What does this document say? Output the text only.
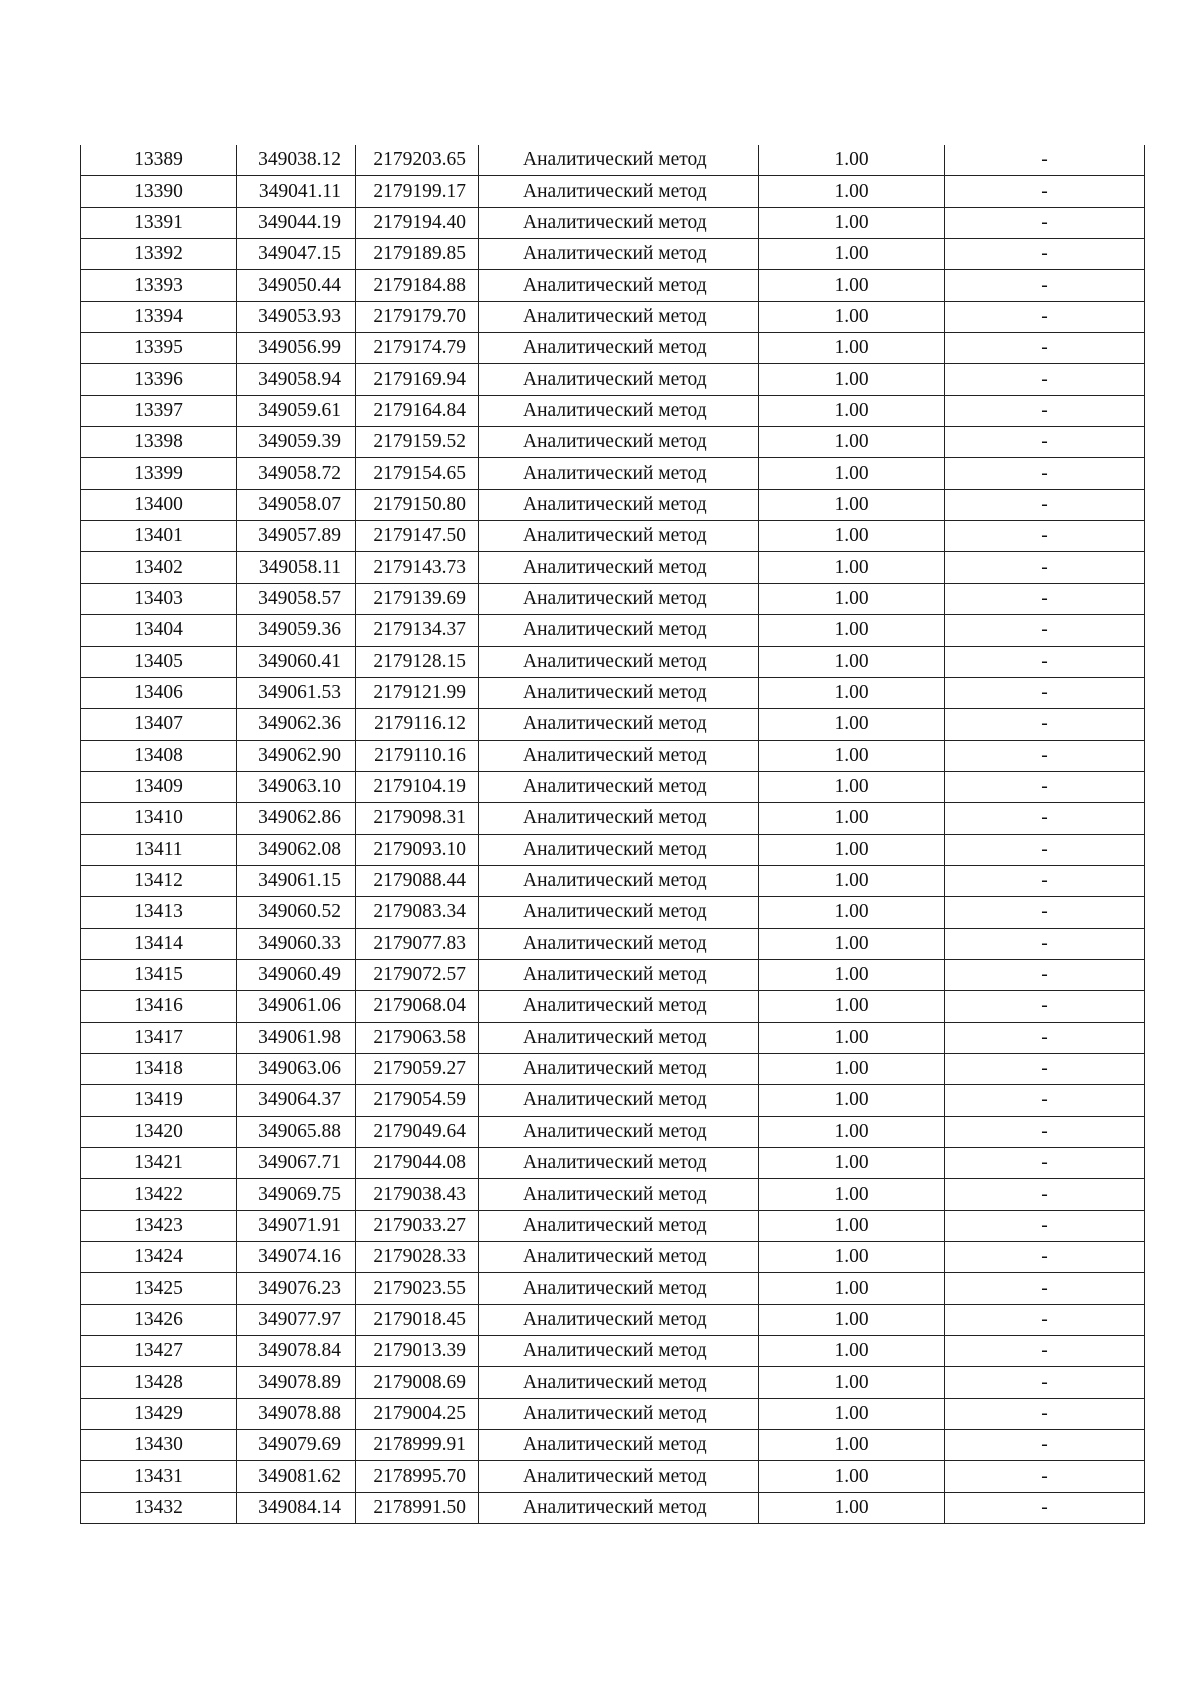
13389	349038.12	2179203.65	Аналитический метод	1.00	-
13390	349041.11	2179199.17	Аналитический метод	1.00	-
13391	349044.19	2179194.40	Аналитический метод	1.00	-
13392	349047.15	2179189.85	Аналитический метод	1.00	-
13393	349050.44	2179184.88	Аналитический метод	1.00	-
13394	349053.93	2179179.70	Аналитический метод	1.00	-
13395	349056.99	2179174.79	Аналитический метод	1.00	-
13396	349058.94	2179169.94	Аналитический метод	1.00	-
13397	349059.61	2179164.84	Аналитический метод	1.00	-
13398	349059.39	2179159.52	Аналитический метод	1.00	-
13399	349058.72	2179154.65	Аналитический метод	1.00	-
13400	349058.07	2179150.80	Аналитический метод	1.00	-
13401	349057.89	2179147.50	Аналитический метод	1.00	-
13402	349058.11	2179143.73	Аналитический метод	1.00	-
13403	349058.57	2179139.69	Аналитический метод	1.00	-
13404	349059.36	2179134.37	Аналитический метод	1.00	-
13405	349060.41	2179128.15	Аналитический метод	1.00	-
13406	349061.53	2179121.99	Аналитический метод	1.00	-
13407	349062.36	2179116.12	Аналитический метод	1.00	-
13408	349062.90	2179110.16	Аналитический метод	1.00	-
13409	349063.10	2179104.19	Аналитический метод	1.00	-
13410	349062.86	2179098.31	Аналитический метод	1.00	-
13411	349062.08	2179093.10	Аналитический метод	1.00	-
13412	349061.15	2179088.44	Аналитический метод	1.00	-
13413	349060.52	2179083.34	Аналитический метод	1.00	-
13414	349060.33	2179077.83	Аналитический метод	1.00	-
13415	349060.49	2179072.57	Аналитический метод	1.00	-
13416	349061.06	2179068.04	Аналитический метод	1.00	-
13417	349061.98	2179063.58	Аналитический метод	1.00	-
13418	349063.06	2179059.27	Аналитический метод	1.00	-
13419	349064.37	2179054.59	Аналитический метод	1.00	-
13420	349065.88	2179049.64	Аналитический метод	1.00	-
13421	349067.71	2179044.08	Аналитический метод	1.00	-
13422	349069.75	2179038.43	Аналитический метод	1.00	-
13423	349071.91	2179033.27	Аналитический метод	1.00	-
13424	349074.16	2179028.33	Аналитический метод	1.00	-
13425	349076.23	2179023.55	Аналитический метод	1.00	-
13426	349077.97	2179018.45	Аналитический метод	1.00	-
13427	349078.84	2179013.39	Аналитический метод	1.00	-
13428	349078.89	2179008.69	Аналитический метод	1.00	-
13429	349078.88	2179004.25	Аналитический метод	1.00	-
13430	349079.69	2178999.91	Аналитический метод	1.00	-
13431	349081.62	2178995.70	Аналитический метод	1.00	-
13432	349084.14	2178991.50	Аналитический метод	1.00	-
